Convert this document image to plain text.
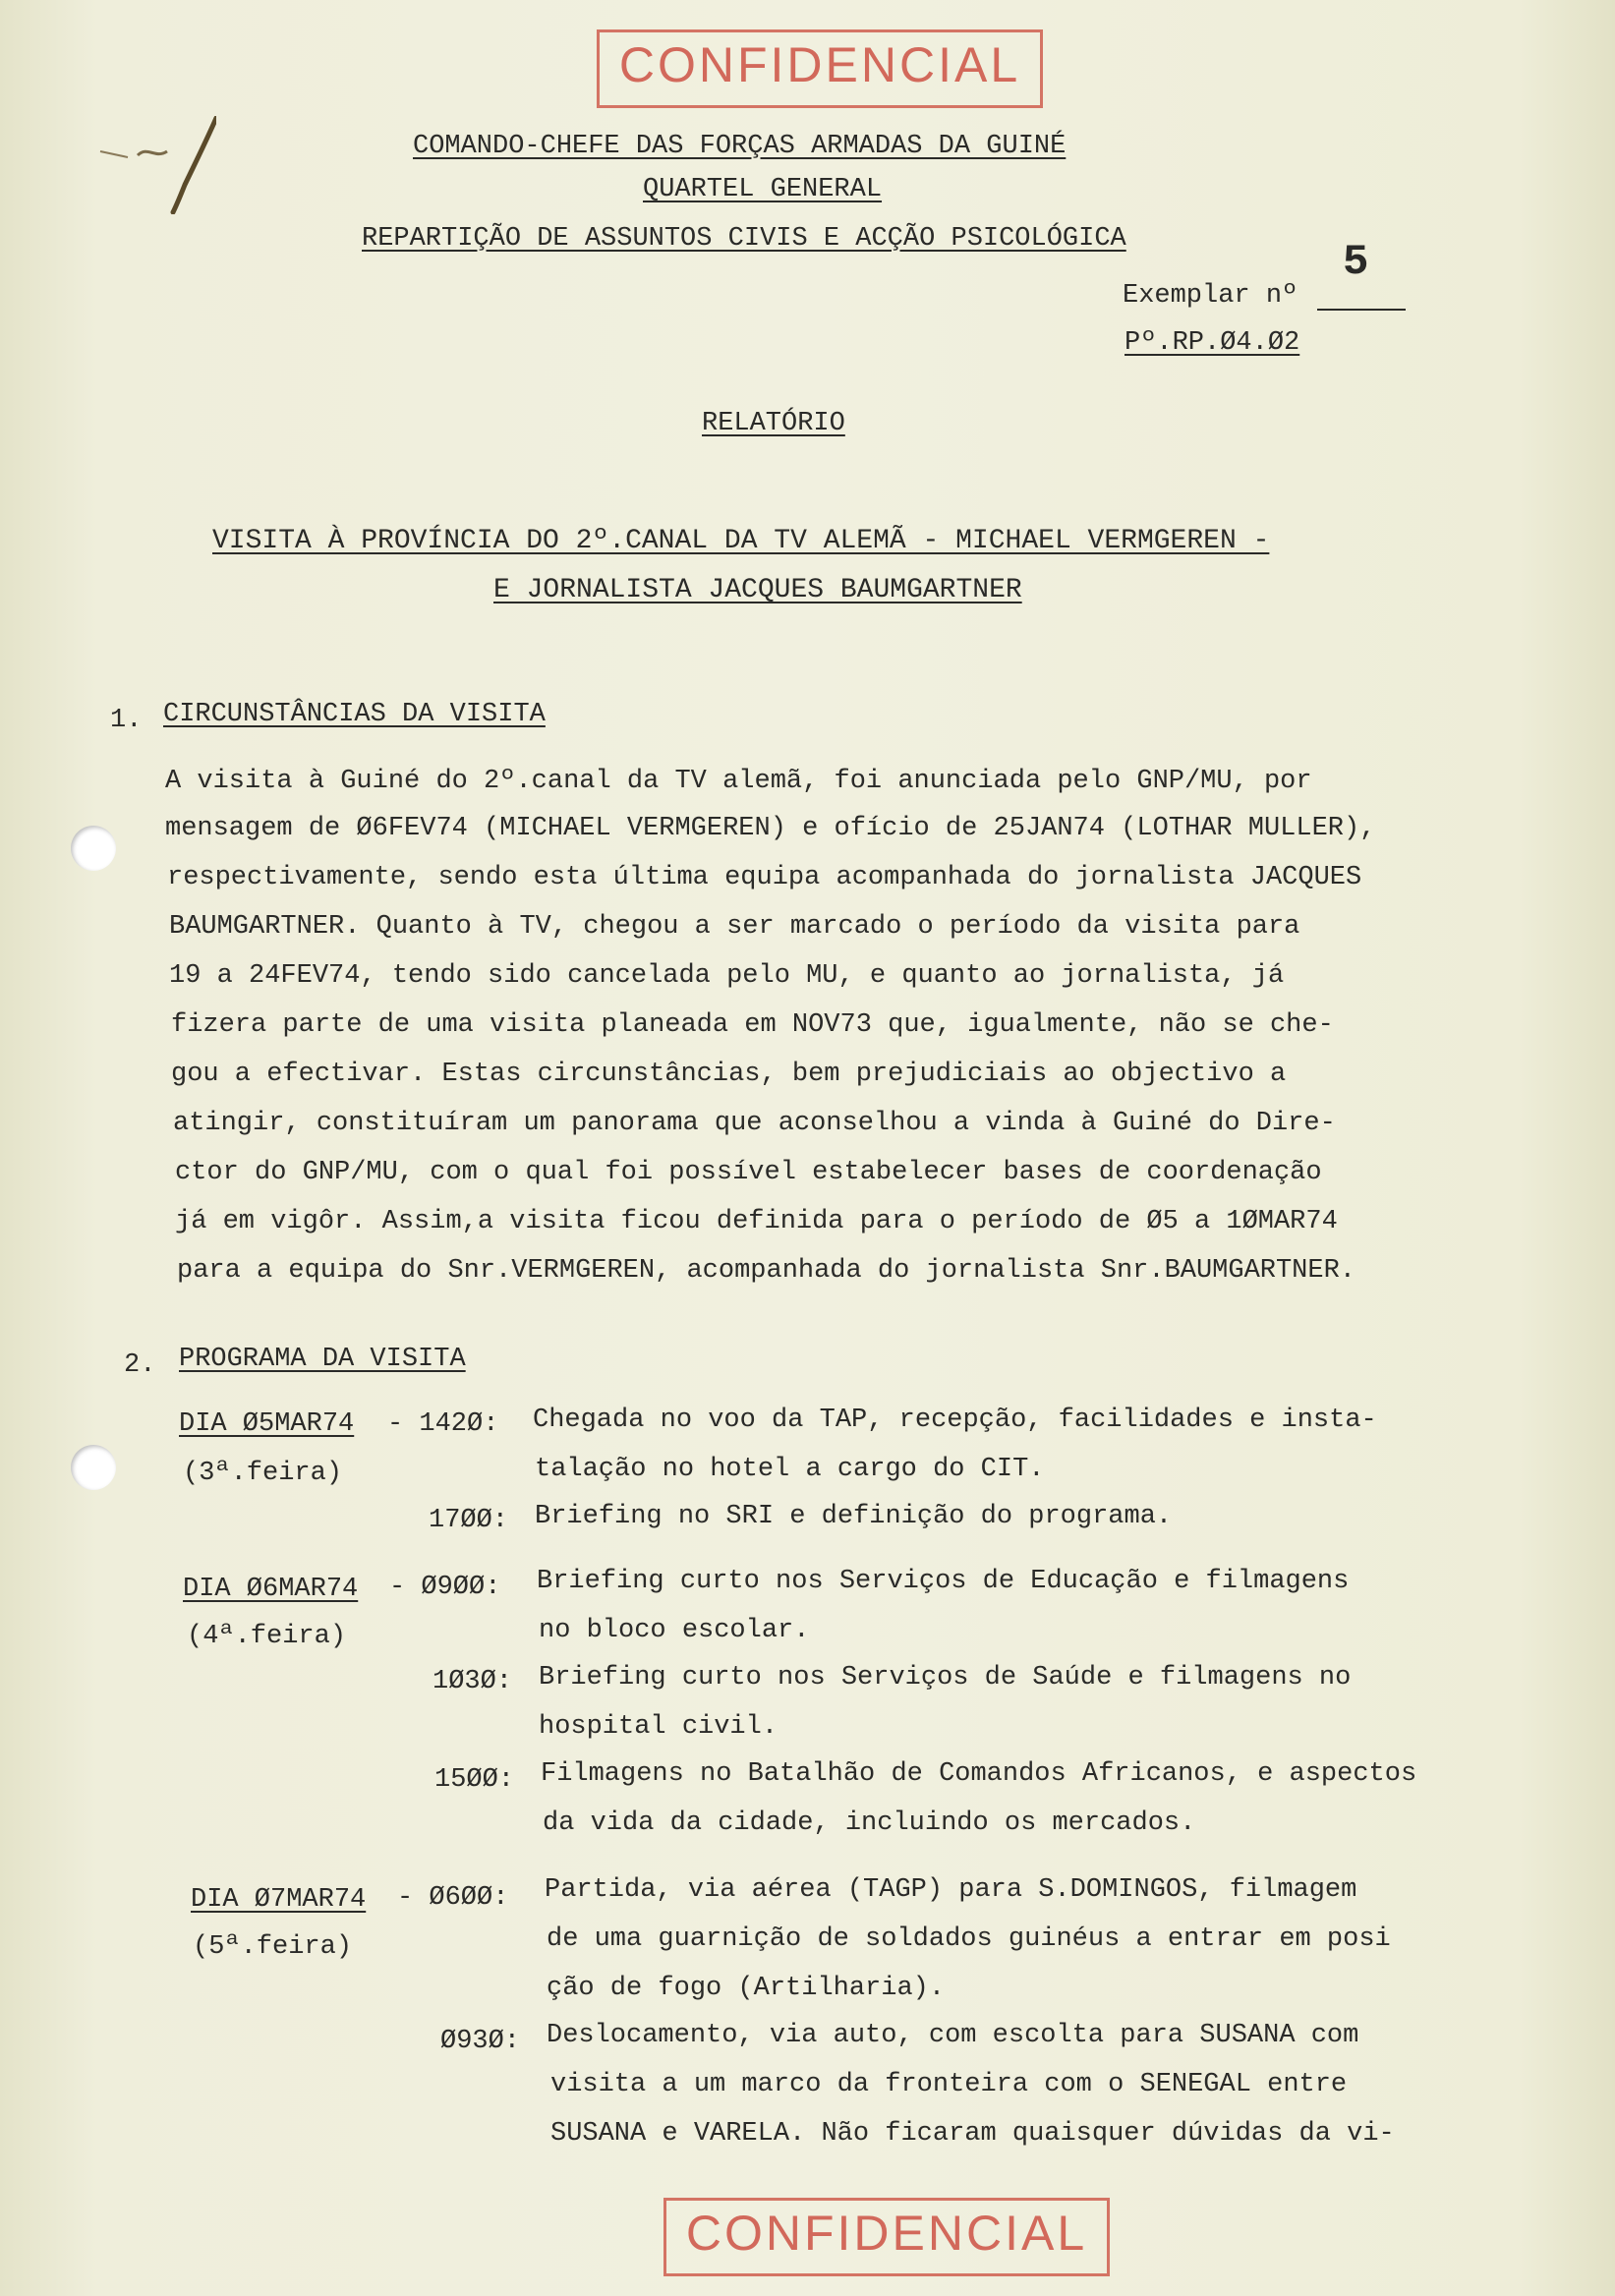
CONFIDENCIAL
COMANDO-CHEFE DAS FORÇAS ARMADAS DA GUINÉ
QUARTEL GENERAL
REPARTIÇÃO DE ASSUNTOS CIVIS E ACÇÃO PSICOLÓGICA
Exemplar nº
5
Pº.RP.Ø4.Ø2
RELATÓRIO
VISITA À PROVÍNCIA DO 2º.CANAL DA TV ALEMÃ - MICHAEL VERMGEREN -
E JORNALISTA JACQUES BAUMGARTNER
1. CIRCUNSTÂNCIAS DA VISITA
A visita à Guiné do 2º.canal da TV alemã, foi anunciada pelo GNP/MU, por
mensagem de Ø6FEV74 (MICHAEL VERMGEREN) e ofício de 25JAN74 (LOTHAR MULLER),
respectivamente, sendo esta última equipa acompanhada do jornalista JACQUES
BAUMGARTNER. Quanto à TV, chegou a ser marcado o período da visita para
19 a 24FEV74, tendo sido cancelada pelo MU, e quanto ao jornalista, já
fizera parte de uma visita planeada em NOV73 que, igualmente, não se che-
gou a efectivar. Estas circunstâncias, bem prejudiciais ao objectivo a
atingir, constituíram um panorama que aconselhou a vinda à Guiné do Dire-
ctor do GNP/MU, com o qual foi possível estabelecer bases de coordenação
já em vigôr. Assim,a visita ficou definida para o período de Ø5 a 1ØMAR74
para a equipa do Snr.VERMGEREN, acompanhada do jornalista Snr.BAUMGARTNER.
2. PROGRAMA DA VISITA
DIA Ø5MAR74
(3ª.feira)
- 142Ø: Chegada no voo da TAP, recepção, facilidades e insta-
talação no hotel a cargo do CIT.
17ØØ: Briefing no SRI e definição do programa.
DIA Ø6MAR74
(4ª.feira)
- Ø9ØØ: Briefing curto nos Serviços de Educação e filmagens
no bloco escolar.
1Ø3Ø: Briefing curto nos Serviços de Saúde e filmagens no
hospital civil.
15ØØ: Filmagens no Batalhão de Comandos Africanos, e aspectos
da vida da cidade, incluindo os mercados.
DIA Ø7MAR74
(5ª.feira)
- Ø6ØØ: Partida, via aérea (TAGP) para S.DOMINGOS, filmagem
de uma guarnição de soldados guinéus a entrar em posi
ção de fogo (Artilharia).
Ø93Ø: Deslocamento, via auto, com escolta para SUSANA com
visita a um marco da fronteira com o SENEGAL entre
SUSANA e VARELA. Não ficaram quaisquer dúvidas da vi-
CONFIDENCIAL
